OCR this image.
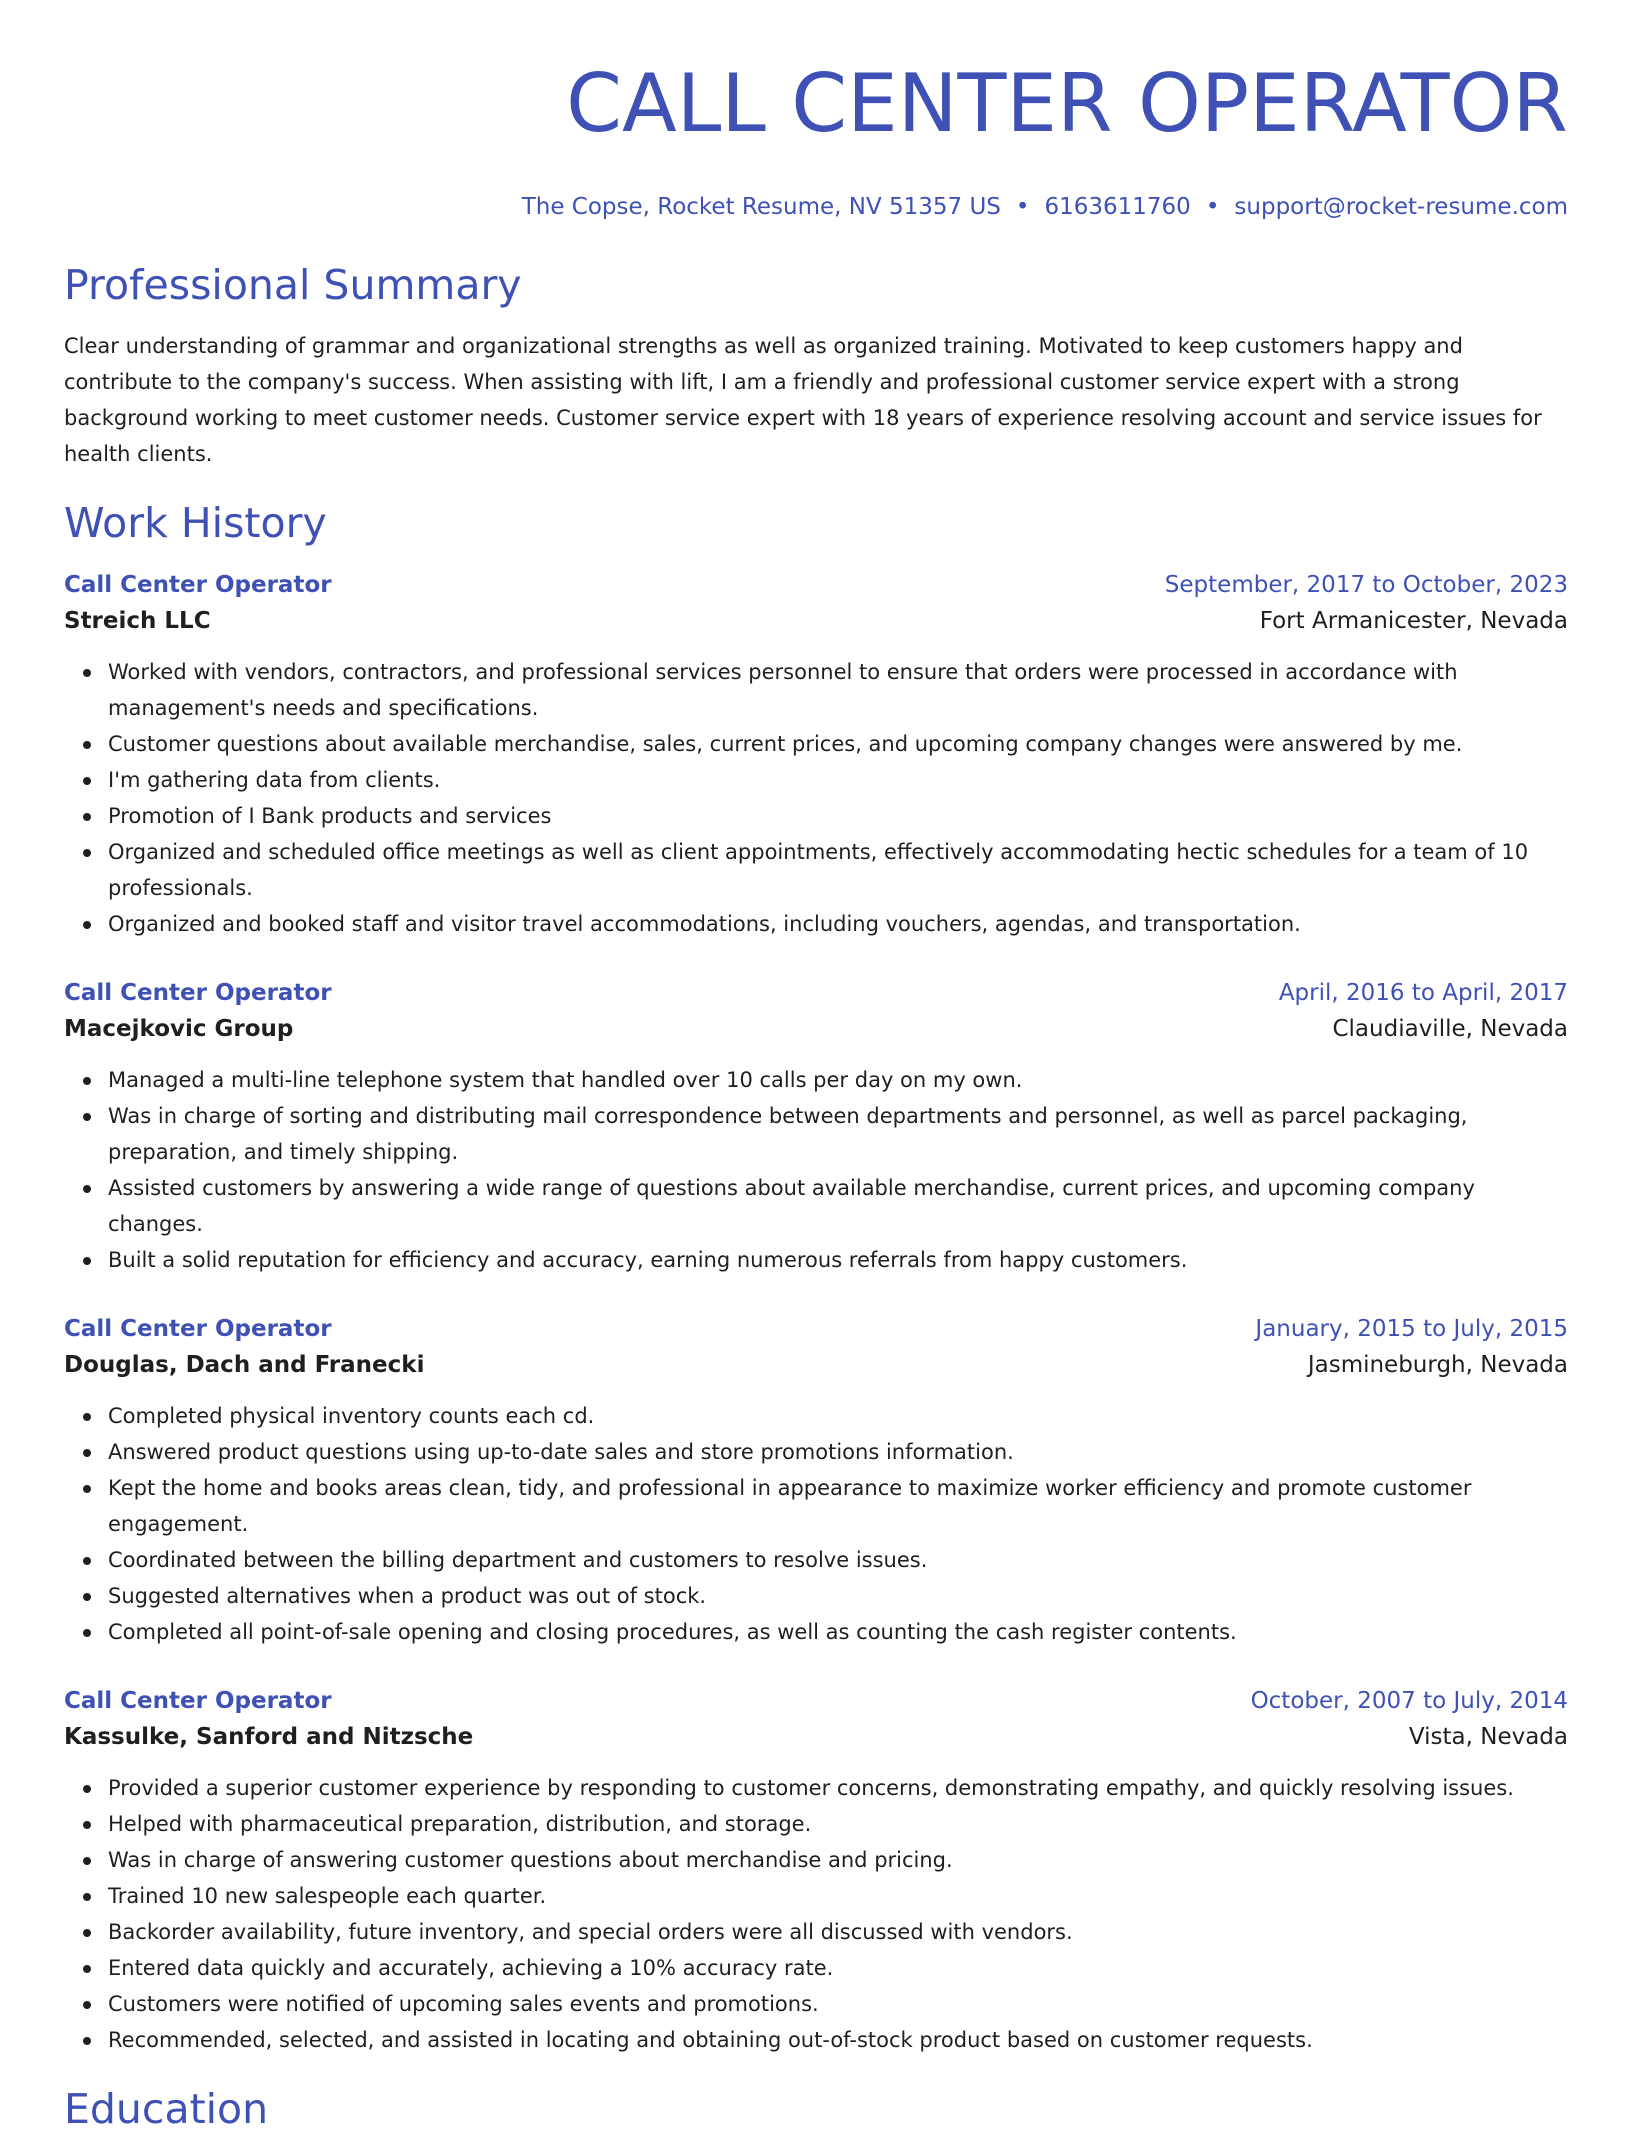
CALL CENTER OPERATOR
The Copse, Rocket Resume, NV 51357 US • 6163611760 • support@rocket-resume.com
Professional Summary
Clear understanding of grammar and organizational strengths as well as organized training. Motivated to keep customers happy and contribute to the company's success. When assisting with lift, I am a friendly and professional customer service expert with a strong background working to meet customer needs. Customer service expert with 18 years of experience resolving account and service issues for health clients.
Work History
Call Center Operator	September, 2017 to October, 2023
Streich LLC	Fort Armanicester, Nevada
Worked with vendors, contractors, and professional services personnel to ensure that orders were processed in accordance with management's needs and specifications.
Customer questions about available merchandise, sales, current prices, and upcoming company changes were answered by me.
I'm gathering data from clients.
Promotion of I Bank products and services
Organized and scheduled office meetings as well as client appointments, effectively accommodating hectic schedules for a team of 10 professionals.
Organized and booked staff and visitor travel accommodations, including vouchers, agendas, and transportation.
Call Center Operator	April, 2016 to April, 2017
Macejkovic Group	Claudiaville, Nevada
Managed a multi-line telephone system that handled over 10 calls per day on my own.
Was in charge of sorting and distributing mail correspondence between departments and personnel, as well as parcel packaging, preparation, and timely shipping.
Assisted customers by answering a wide range of questions about available merchandise, current prices, and upcoming company changes.
Built a solid reputation for efficiency and accuracy, earning numerous referrals from happy customers.
Call Center Operator	January, 2015 to July, 2015
Douglas, Dach and Franecki	Jasmineburgh, Nevada
Completed physical inventory counts each cd.
Answered product questions using up-to-date sales and store promotions information.
Kept the home and books areas clean, tidy, and professional in appearance to maximize worker efficiency and promote customer engagement.
Coordinated between the billing department and customers to resolve issues.
Suggested alternatives when a product was out of stock.
Completed all point-of-sale opening and closing procedures, as well as counting the cash register contents.
Call Center Operator	October, 2007 to July, 2014
Kassulke, Sanford and Nitzsche	Vista, Nevada
Provided a superior customer experience by responding to customer concerns, demonstrating empathy, and quickly resolving issues.
Helped with pharmaceutical preparation, distribution, and storage.
Was in charge of answering customer questions about merchandise and pricing.
Trained 10 new salespeople each quarter.
Backorder availability, future inventory, and special orders were all discussed with vendors.
Entered data quickly and accurately, achieving a 10% accuracy rate.
Customers were notified of upcoming sales events and promotions.
Recommended, selected, and assisted in locating and obtaining out-of-stock product based on customer requests.
Education
